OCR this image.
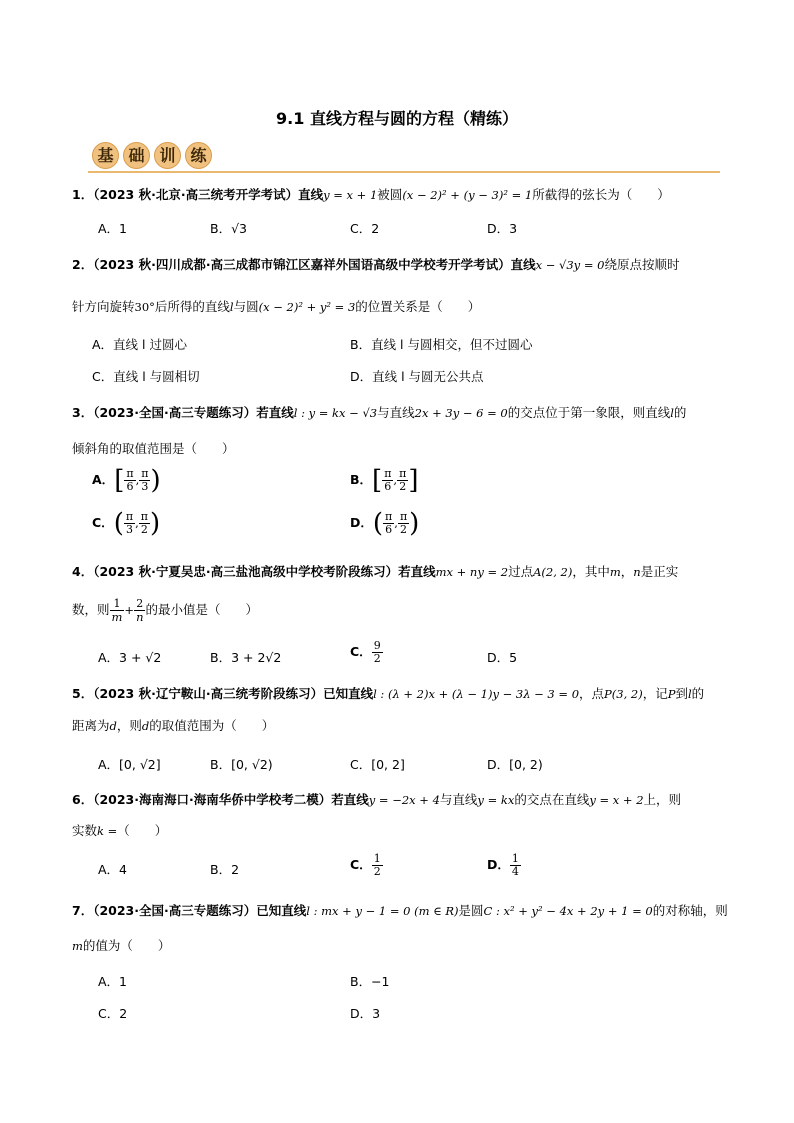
9.1 直线方程与圆的方程（精练）
基 础 训 练
1．（2023 秋·北京·高三统考开学考试）直线y = x + 1被圆(x − 2)² + (y − 3)² = 1所截得的弦长为（　　）
A．1	B．√3	C．2	D．3
2．（2023 秋·四川成都·高三成都市锦江区嘉祥外国语高级中学校考开学考试）直线x − √3y = 0绕原点按顺时
针方向旋转30°后所得的直线l与圆(x − 2)² + y² = 3的位置关系是（　　）
A．直线 l 过圆心	B．直线 l 与圆相交，但不过圆心
C．直线 l 与圆相切	D．直线 l 与圆无公共点
3．（2023·全国·高三专题练习）若直线l : y = kx − √3与直线2x + 3y − 6 = 0的交点位于第一象限，则直线l的
倾斜角的取值范围是（　　）
A．[ $\frac{\pi}{6}$ , $\frac{\pi}{3}$ )	B．[ $\frac{\pi}{6}$ , $\frac{\pi}{2}$ ]
C．( $\frac{\pi}{3}$ , $\frac{\pi}{2}$ )	D．( $\frac{\pi}{6}$ , $\frac{\pi}{2}$ )
4．（2023 秋·宁夏吴忠·高三盐池高级中学校考阶段练习）若直线mx + ny = 2过点A(2, 2)，其中m，n是正实
数，则 $\frac{1}{m} + \frac{2}{n}$ 的最小值是（　　）
A．3 + √2	B．3 + 2√2	C． $\frac{9}{2}$	D．5
5．（2023 秋·辽宁鞍山·高三统考阶段练习）已知直线l : (λ + 2)x + (λ − 1)y − 3λ − 3 = 0，点P(3, 2)，记P到l的
距离为d，则d的取值范围为（　　）
A．[0, √2]	B．[0, √2)	C．[0, 2]	D．[0, 2)
6．（2023·海南海口·海南华侨中学校考二模）若直线y = −2x + 4与直线y = kx的交点在直线y = x + 2上，则
实数k =（　　）
A．4	B．2	C． $\frac{1}{2}$	D． $\frac{1}{4}$
7．（2023·全国·高三专题练习）已知直线l : mx + y − 1 = 0 (m ∈ R)是圆C : x² + y² − 4x + 2y + 1 = 0的对称轴，则
m的值为（　　）
A．1	B．−1
C．2	D．3
